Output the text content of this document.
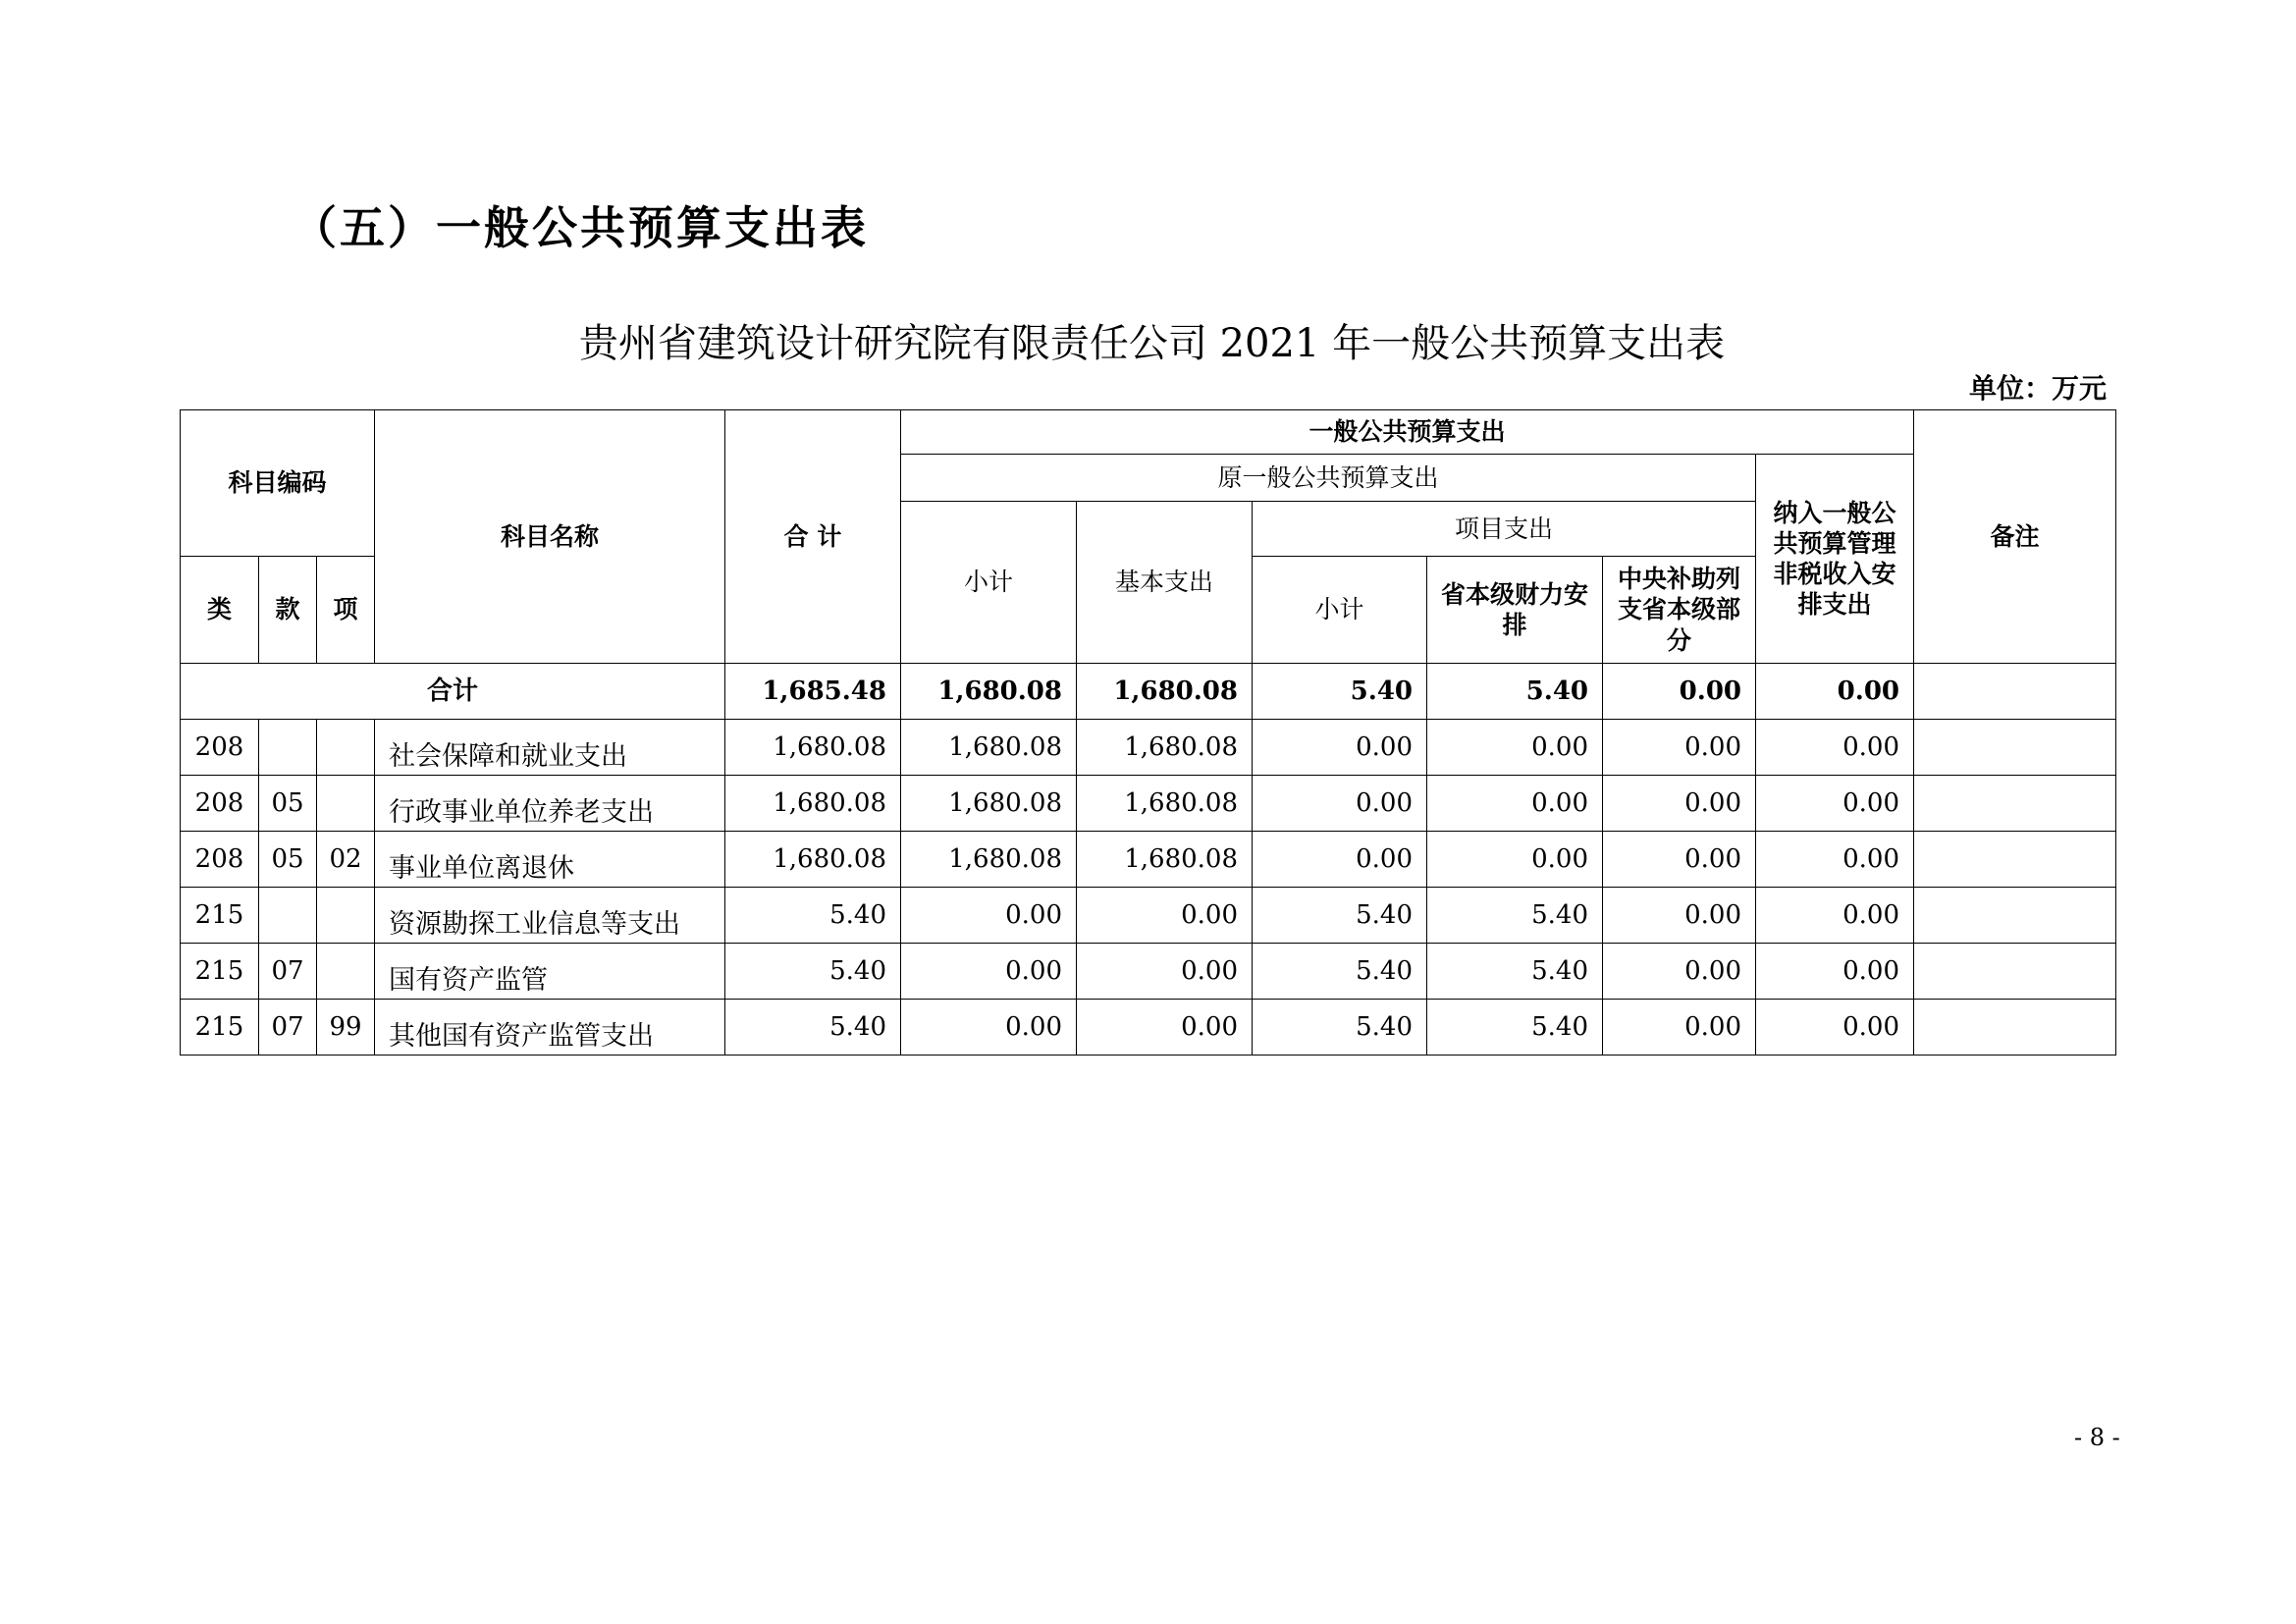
（五）一般公共预算支出表
贵州省建筑设计研究院有限责任公司 2021 年一般公共预算支出表
单位：万元
科目编码			科目名称	合 计	一般公共预算支出						备注
					原一般公共预算支出					纳入一般公共预算管理非税收入安排支出	
					小计	基本支出	项目支出				
类	款	项					小计	省本级财力安排	中央补助列支省本级部分		

合计				1,685.48	1,680.08	1,680.08	5.40	5.40	0.00	0.00	
208			社会保障和就业支出	1,680.08	1,680.08	1,680.08	0.00	0.00	0.00	0.00	
208	05		行政事业单位养老支出	1,680.08	1,680.08	1,680.08	0.00	0.00	0.00	0.00	
208	05	02	事业单位离退休	1,680.08	1,680.08	1,680.08	0.00	0.00	0.00	0.00	
215			资源勘探工业信息等支出	5.40	0.00	0.00	5.40	5.40	0.00	0.00	
215	07		国有资产监管	5.40	0.00	0.00	5.40	5.40	0.00	0.00	
215	07	99	其他国有资产监管支出	5.40	0.00	0.00	5.40	5.40	0.00	0.00	
- 8 -
